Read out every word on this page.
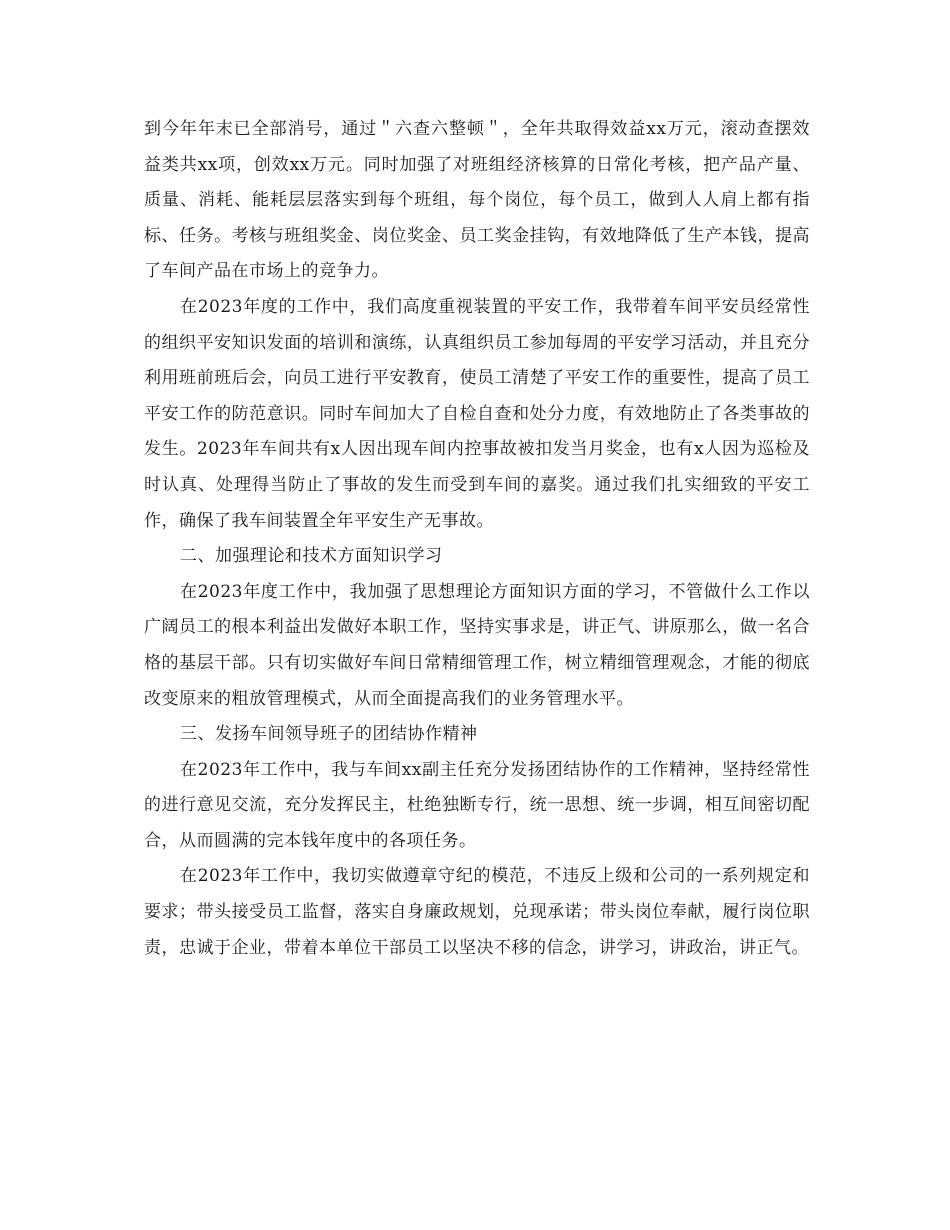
到今年年末已全部消号，通过＂六查六整顿＂，全年共取得效益xx万元，滚动查摆效益类共xx项，创效xx万元。同时加强了对班组经济核算的日常化考核，把产品产量、质量、消耗、能耗层层落实到每个班组，每个岗位，每个员工，做到人人肩上都有指标、任务。考核与班组奖金、岗位奖金、员工奖金挂钩，有效地降低了生产本钱，提高了车间产品在市场上的竞争力。

在2023年度的工作中，我们高度重视装置的平安工作，我带着车间平安员经常性的组织平安知识发面的培训和演练，认真组织员工参加每周的平安学习活动，并且充分利用班前班后会，向员工进行平安教育，使员工清楚了平安工作的重要性，提高了员工平安工作的防范意识。同时车间加大了自检自查和处分力度，有效地防止了各类事故的发生。2023年车间共有x人因出现车间内控事故被扣发当月奖金，也有x人因为巡检及时认真、处理得当防止了事故的发生而受到车间的嘉奖。通过我们扎实细致的平安工作，确保了我车间装置全年平安生产无事故。

二、加强理论和技术方面知识学习

在2023年度工作中，我加强了思想理论方面知识方面的学习，不管做什么工作以广阔员工的根本利益出发做好本职工作，坚持实事求是，讲正气、讲原那么，做一名合格的基层干部。只有切实做好车间日常精细管理工作，树立精细管理观念，才能的彻底改变原来的粗放管理模式，从而全面提高我们的业务管理水平。

三、发扬车间领导班子的团结协作精神

在2023年工作中，我与车间xx副主任充分发扬团结协作的工作精神，坚持经常性的进行意见交流，充分发挥民主，杜绝独断专行，统一思想、统一步调，相互间密切配合，从而圆满的完本钱年度中的各项任务。

在2023年工作中，我切实做遵章守纪的模范，不违反上级和公司的一系列规定和要求；带头接受员工监督，落实自身廉政规划，兑现承诺；带头岗位奉献，履行岗位职责，忠诚于企业，带着本单位干部员工以坚决不移的信念，讲学习，讲政治，讲正气。
